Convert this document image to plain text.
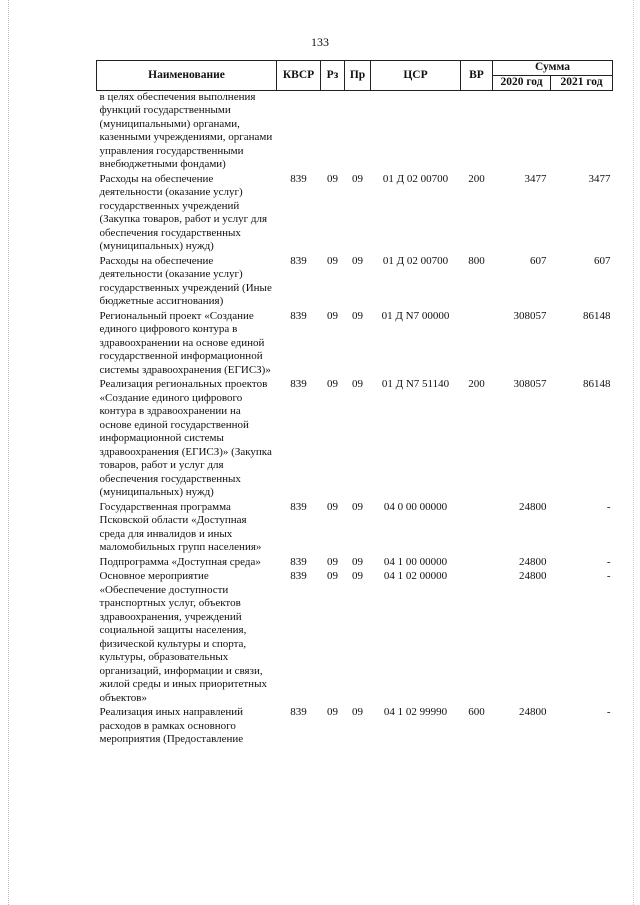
133
Наименование	КВСР	Рз	Пр	ЦСР	ВР	Сумма	
						2020 год	2021 год
в целях обеспечения выполнения функций государственными (муниципальными) органами, казенными учреждениями, органами управления государственными внебюджетными фондами)							
Расходы на обеспечение деятельности (оказание услуг) государственных учреждений (Закупка товаров, работ и услуг для обеспечения государственных (муниципальных) нужд)	839	09	09	01 Д 02 00700	200	3477	3477
Расходы на обеспечение деятельности (оказание услуг) государственных учреждений (Иные бюджетные ассигнования)	839	09	09	01 Д 02 00700	800	607	607
Региональный проект «Создание единого цифрового контура в здравоохранении на основе единой государственной информационной системы здравоохранения (ЕГИСЗ)»	839	09	09	01 Д N7 00000		308057	86148
Реализация региональных проектов «Создание единого цифрового контура в здравоохранении на основе единой государственной информационной системы здравоохранения (ЕГИСЗ)» (Закупка товаров, работ и услуг для обеспечения государственных (муниципальных) нужд)	839	09	09	01 Д N7 51140	200	308057	86148
Государственная программа Псковской области «Доступная среда для инвалидов и иных маломобильных групп населения»	839	09	09	04 0 00 00000		24800	-
Подпрограмма «Доступная среда»	839	09	09	04 1 00 00000		24800	-
Основное мероприятие «Обеспечение доступности транспортных услуг, объектов здравоохранения, учреждений социальной защиты населения, физической культуры и спорта, культуры, образовательных организаций, информации и связи, жилой среды и иных приоритетных объектов»	839	09	09	04 1 02 00000		24800	-
Реализация иных направлений расходов в рамках основного мероприятия (Предоставление	839	09	09	04 1 02 99990	600	24800	-
